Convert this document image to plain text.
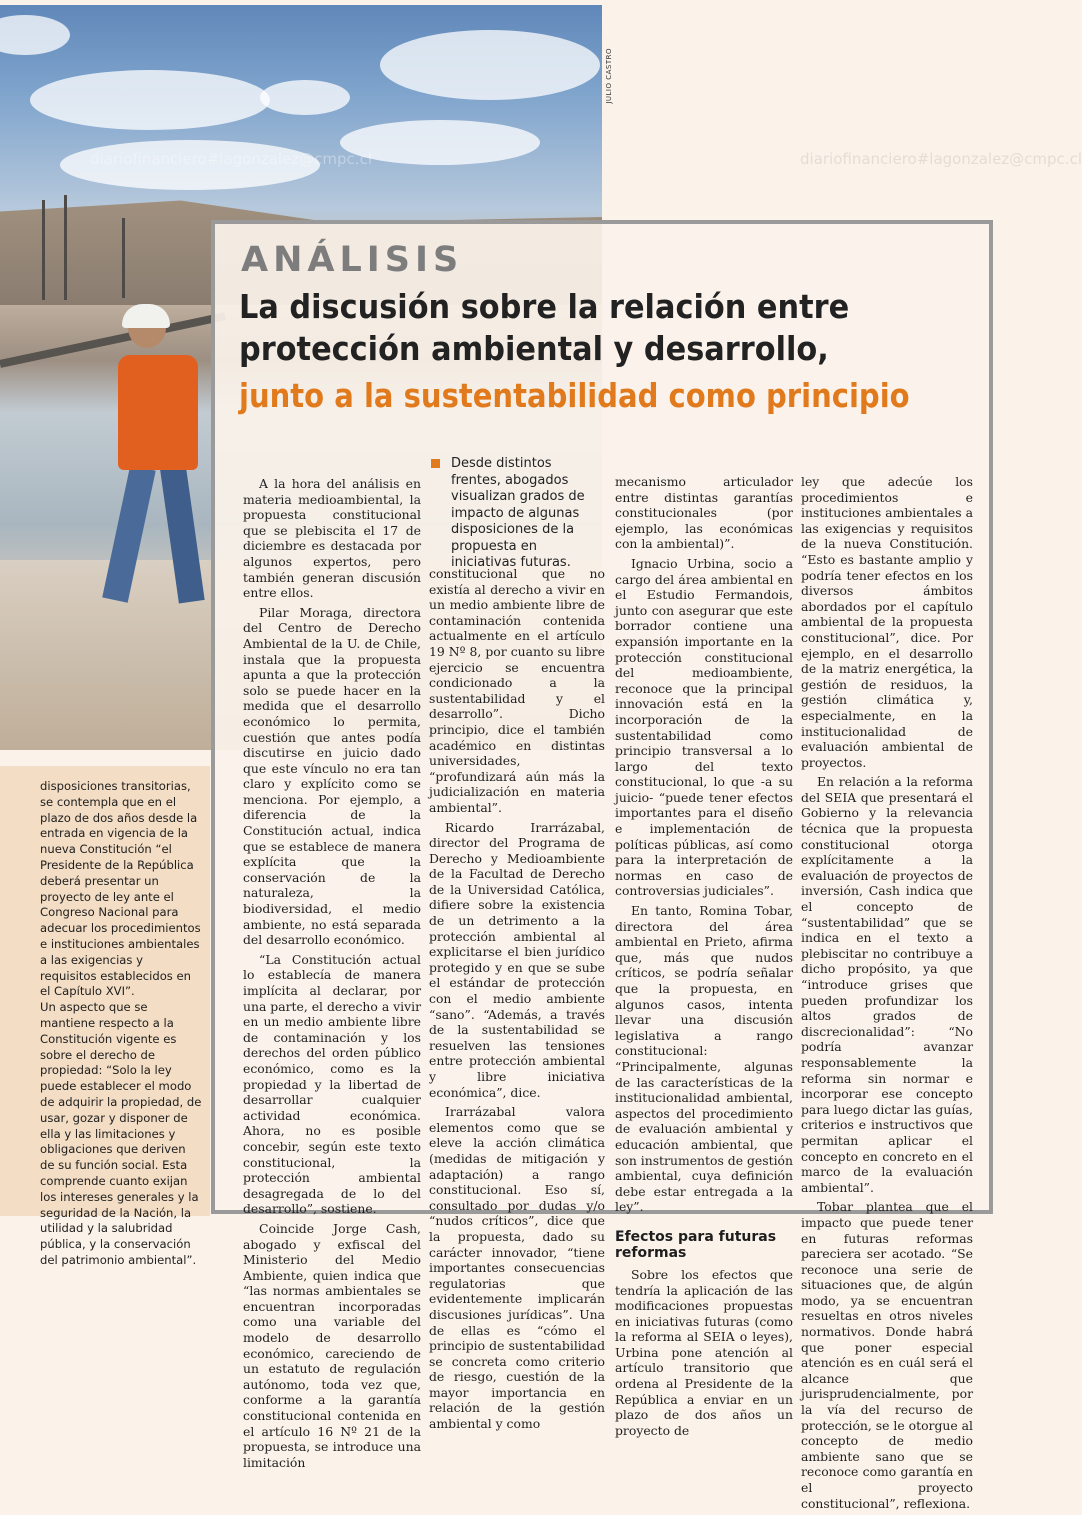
diariofinanciero#lagonzalez@cmpc.cl
JULIO CASTRO
diariofinanciero#lagonzalez@cmpc.cl

disposiciones transitorias, se contempla que en el plazo de dos años desde la entrada en vigencia de la nueva Constitución “el Presidente de la República deberá presentar un proyecto de ley ante el Congreso Nacional para adecuar los procedimientos e instituciones ambientales a las exigencias y requisitos establecidos en el Capítulo XVI”.

Un aspecto que se mantiene respecto a la Constitución vigente es sobre el derecho de propiedad: “Solo la ley puede establecer el modo de adquirir la propiedad, de usar, gozar y disponer de ella y las limitaciones y obligaciones que deriven de su función social. Esta comprende cuanto exijan los intereses generales y la seguridad de la Nación, la utilidad y la salubridad pública, y la conservación del patrimonio ambiental”.

ANÁLISIS
La discusión sobre la relación entre protección ambiental y desarrollo,
junto a la sustentabilidad como principio

A la hora del análisis en materia medioambiental, la propuesta constitucional que se plebiscita el 17 de diciembre es destacada por algunos expertos, pero también generan discusión entre ellos.

Pilar Moraga, directora del Centro de Derecho Ambiental de la U. de Chile, instala que la propuesta apunta a que la protección solo se puede hacer en la medida que el desarrollo económico lo permita, cuestión que antes podía discutirse en juicio dado que este vínculo no era tan claro y explícito como se menciona. Por ejemplo, a diferencia de la Constitución actual, indica que se establece de manera explícita que la conservación de la naturaleza, la biodiversidad, el medio ambiente, no está separada del desarrollo económico.

“La Constitución actual lo establecía de manera implícita al declarar, por una parte, el derecho a vivir en un medio ambiente libre de contaminación y los derechos del orden público económico, como es la propiedad y la libertad de desarrollar cualquier actividad económica. Ahora, no es posible concebir, según este texto constitucional, la protección ambiental desagregada de lo del desarrollo”, sostiene.

Coincide Jorge Cash, abogado y exfiscal del Ministerio del Medio Ambiente, quien indica que “las normas ambientales se encuentran incorporadas como una variable del modelo de desarrollo económico, careciendo de un estatuto de regulación autónomo, toda vez que, conforme a la garantía constitucional contenida en el artículo 16 Nº 21 de la propuesta, se introduce una limitación

Desde distintos frentes, abogados visualizan grados de impacto de algunas disposiciones de la propuesta en iniciativas futuras.

constitucional que no existía al derecho a vivir en un medio ambiente libre de contaminación contenida actualmente en el artículo 19 Nº 8, por cuanto su libre ejercicio se encuentra condicionado a la sustentabilidad y el desarrollo”. Dicho principio, dice el también académico en distintas universidades, “profundizará aún más la judicialización en materia ambiental”.

Ricardo Irarrázabal, director del Programa de Derecho y Medioambiente de la Facultad de Derecho de la Universidad Católica, difiere sobre la existencia de un detrimento a la protección ambiental al explicitarse el bien jurídico protegido y en que se sube el estándar de protección con el medio ambiente “sano”. “Además, a través de la sustentabilidad se resuelven las tensiones entre protección ambiental y libre iniciativa económica”, dice.

Irarrázabal valora elementos como que se eleve la acción climática (medidas de mitigación y adaptación) a rango constitucional. Eso sí, consultado por dudas y/o “nudos críticos”, dice que la propuesta, dado su carácter innovador, “tiene importantes consecuencias regulatorias que evidentemente implicarán discusiones jurídicas”. Una de ellas es “cómo el principio de sustentabilidad se concreta como criterio de riesgo, cuestión de la mayor importancia en relación de la gestión ambiental y como

mecanismo articulador entre distintas garantías constitucionales (por ejemplo, las económicas con la ambiental)”.

Ignacio Urbina, socio a cargo del área ambiental en el Estudio Fermandois, junto con asegurar que este borrador contiene una expansión importante en la protección constitucional del medioambiente, reconoce que la principal innovación está en la incorporación de la sustentabilidad como principio transversal a lo largo del texto constitucional, lo que -a su juicio- “puede tener efectos importantes para el diseño e implementación de políticas públicas, así como para la interpretación de normas en caso de controversias judiciales”.

En tanto, Romina Tobar, directora del área ambiental en Prieto, afirma que, más que nudos críticos, se podría señalar que la propuesta, en algunos casos, intenta llevar una discusión legislativa a rango constitucional: “Principalmente, algunas de las características de la institucionalidad ambiental, aspectos del procedimiento de evaluación ambiental y educación ambiental, que son instrumentos de gestión ambiental, cuya definición debe estar entregada a la ley”.

Efectos para futuras reformas

Sobre los efectos que tendría la aplicación de las modificaciones propuestas en iniciativas futuras (como la reforma al SEIA o leyes), Urbina pone atención al artículo transitorio que ordena al Presidente de la República a enviar en un plazo de dos años un proyecto de

ley que adecúe los procedimientos e instituciones ambientales a las exigencias y requisitos de la nueva Constitución. “Esto es bastante amplio y podría tener efectos en los diversos ámbitos abordados por el capítulo ambiental de la propuesta constitucional”, dice. Por ejemplo, en el desarrollo de la matriz energética, la gestión de residuos, la gestión climática y, especialmente, en la institucionalidad de evaluación ambiental de proyectos.

En relación a la reforma del SEIA que presentará el Gobierno y la relevancia técnica que la propuesta constitucional otorga explícitamente a la evaluación de proyectos de inversión, Cash indica que el concepto de “sustentabilidad” que se indica en el texto a plebiscitar no contribuye a dicho propósito, ya que “introduce grises que pueden profundizar los altos grados de discrecionalidad”: “No podría avanzar responsablemente la reforma sin normar e incorporar ese concepto para luego dictar las guías, criterios e instructivos que permitan aplicar el concepto en concreto en el marco de la evaluación ambiental”.

Tobar plantea que el impacto que puede tener en futuras reformas pareciera ser acotado. “Se reconoce una serie de situaciones que, de algún modo, ya se encuentran resueltas en otros niveles normativos. Donde habrá que poner especial atención es en cuál será el alcance que jurisprudencialmente, por la vía del recurso de protección, se le otorgue al concepto de medio ambiente sano que se reconoce como garantía en el proyecto constitucional”, reflexiona.
